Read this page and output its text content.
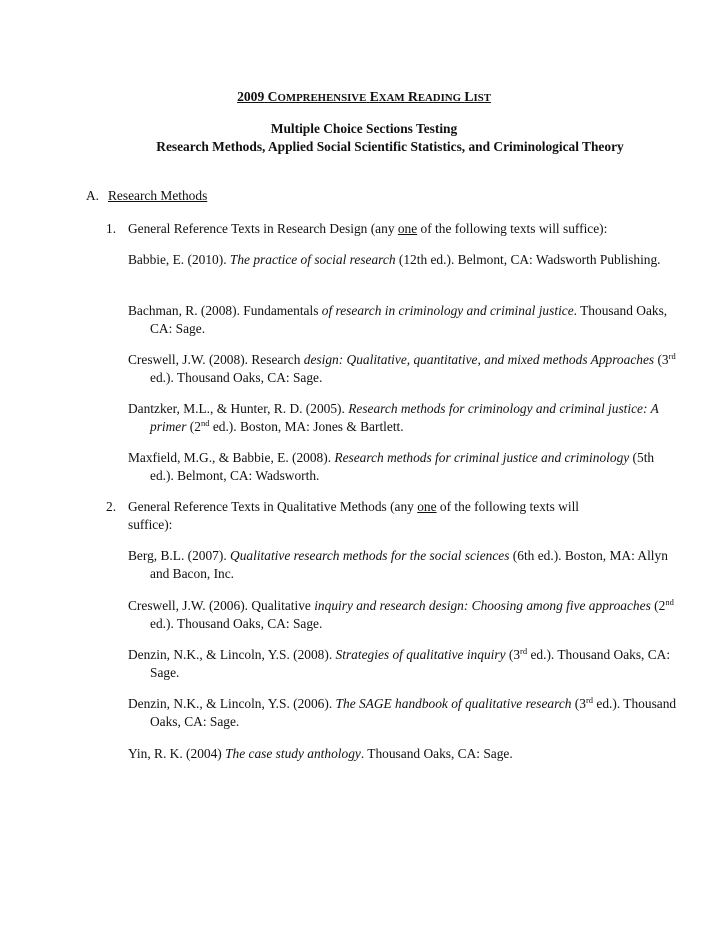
2009 COMPREHENSIVE EXAM READING LIST
Multiple Choice Sections Testing
Research Methods, Applied Social Scientific Statistics, and Criminological Theory
A. Research Methods
1. General Reference Texts in Research Design (any one of the following texts will suffice):
Babbie, E. (2010). The practice of social research (12th ed.). Belmont, CA: Wadsworth Publishing.
Bachman, R. (2008). Fundamentals of research in criminology and criminal justice. Thousand Oaks, CA: Sage.
Creswell, J.W. (2008). Research design: Qualitative, quantitative, and mixed methods Approaches (3rd ed.). Thousand Oaks, CA: Sage.
Dantzker, M.L., & Hunter, R. D. (2005). Research methods for criminology and criminal justice: A primer (2nd ed.). Boston, MA: Jones & Bartlett.
Maxfield, M.G., & Babbie, E. (2008). Research methods for criminal justice and criminology (5th ed.). Belmont, CA: Wadsworth.
2. General Reference Texts in Qualitative Methods (any one of the following texts will
suffice):
Berg, B.L. (2007). Qualitative research methods for the social sciences (6th ed.). Boston, MA: Allyn and Bacon, Inc.
Creswell, J.W. (2006). Qualitative inquiry and research design: Choosing among five approaches (2nd ed.). Thousand Oaks, CA: Sage.
Denzin, N.K., & Lincoln, Y.S. (2008). Strategies of qualitative inquiry (3rd ed.). Thousand Oaks, CA: Sage.
Denzin, N.K., & Lincoln, Y.S. (2006). The SAGE handbook of qualitative research (3rd ed.). Thousand Oaks, CA: Sage.
Yin, R. K. (2004) The case study anthology. Thousand Oaks, CA: Sage.
